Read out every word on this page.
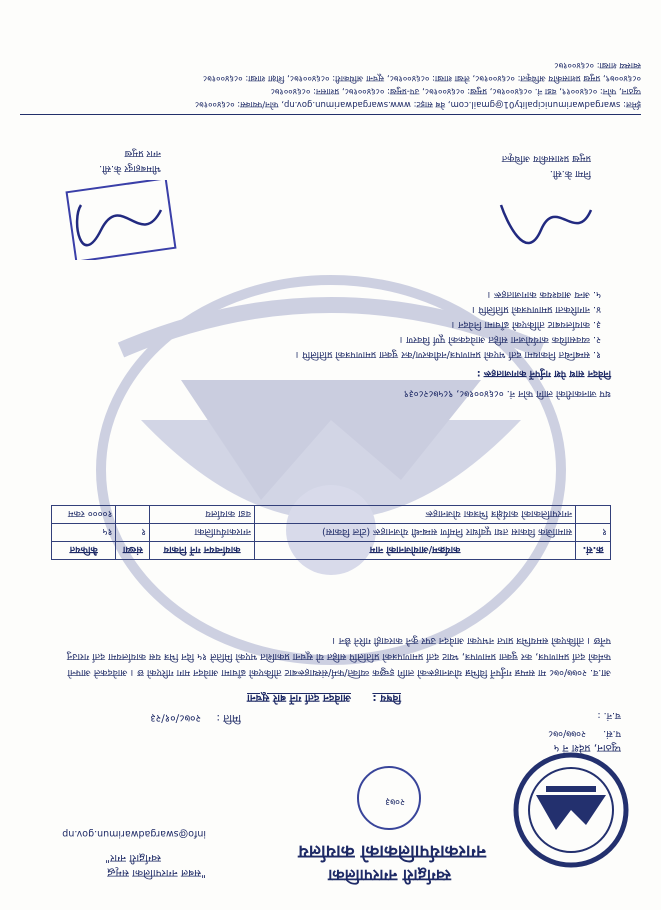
प.सं.
२०७७/०७८
च.नं. :
स्वर्गद्वारी नगरपालिका
नगरकार्यपालिकाको कार्यालय
२०७३
"सबल नगरपालिका समृद्ध
स्वर्गद्वारी नगर"
info@swargadwarimun.gov.np
प्युठान, प्रदेश नं ५
मिति :
२०७८/०१/२३
विषय :
आवेदन दर्ता गर्ने बारे सूचना
आ.व. २०७७/०७८ मा सम्पन्न गर्नुपर्ने विभिन्न योजनाहरूको लागि इच्छुक व्यक्ति/फर्म/संस्थाहरूबाट तोकिएको ढाँचामा आवेदन माग गरिएको छ । आवेदकले आफ्नो फर्मको दर्ता प्रमाणपत्र, कर चुक्ता प्रमाणपत्र, भ्याट दर्ता प्रमाणपत्रको प्रतिलिपि सहित यो सूचना प्रकाशित भएको मितिले १५ दिन भित्र यस कार्यालयमा दर्ता गराउनु पर्नेछ । तोकिएको समयभित्र प्राप्त नभएका आवेदन उपर कुनै कारवाही गरिने छैन ।
क्र.सं.	कार्यक्रम/आयोजनाको नाम	कार्यान्वयन गर्ने निकाय	संख्या	कैफियत
१	सामाजिक विकास तथा पूर्वाधार निर्माण सम्बन्धी योजनाहरू (टोल विकास)	नगरकार्यपालिका	१	१५
	नगरपालिकाको कार्यक्षेत्र भित्रका योजनाहरू	वडा कार्यालय		१०००० रकम
थप जानकारीको लागि फोन नं. ०८६४००१७८, ९८५७८२८०३९
निवेदन साथ पेश गर्नुपर्ने कागजातहरू :
१. सम्बन्धित निकायमा दर्ता भएको प्रमाणपत्र/नवीकरण/कर चुक्ता प्रमाणपत्रको प्रतिलिपि ।
२. व्यवसायिक कार्ययोजना सहित आवेदकको पूर्ण विवरण ।
३. कार्यालयबाट तोकिएको ढाँचामा निवेदन ।
४. नागरिकता प्रमाणपत्रको प्रतिलिपि ।
५. अन्य आवश्यक कागजातहरू ।
भीमबहादुर के.सी.
नगर प्रमुख
निमा के.सी.
प्रमुख प्रशासकीय अधिकृत
ईमेल: swargadwarimunicipality01@gmail.com, वेब साइट: www.swargadwarimun.gov.np, फोन/फ्याक्स: ०८६४००१७८
प्युठान, फोन: ०८६४००१९, वडा नं. ०८६४००१७८, प्रमुख: ०८६४००१७८, उप-प्रमुख: ०८६४००१७८, प्रशासन: ०८६४००१७८
०८६४००७९, प्रमुख प्रशासकीय अधिकृत: ०८६४००१७८, लेखा शाखा: ०८६४००१७८, सूचना अधिकारी: ०८६४००१७८, शिक्षा शाखा: ०८६४००१७८
स्वास्थ्य शाखा: ०८६४००१७८
